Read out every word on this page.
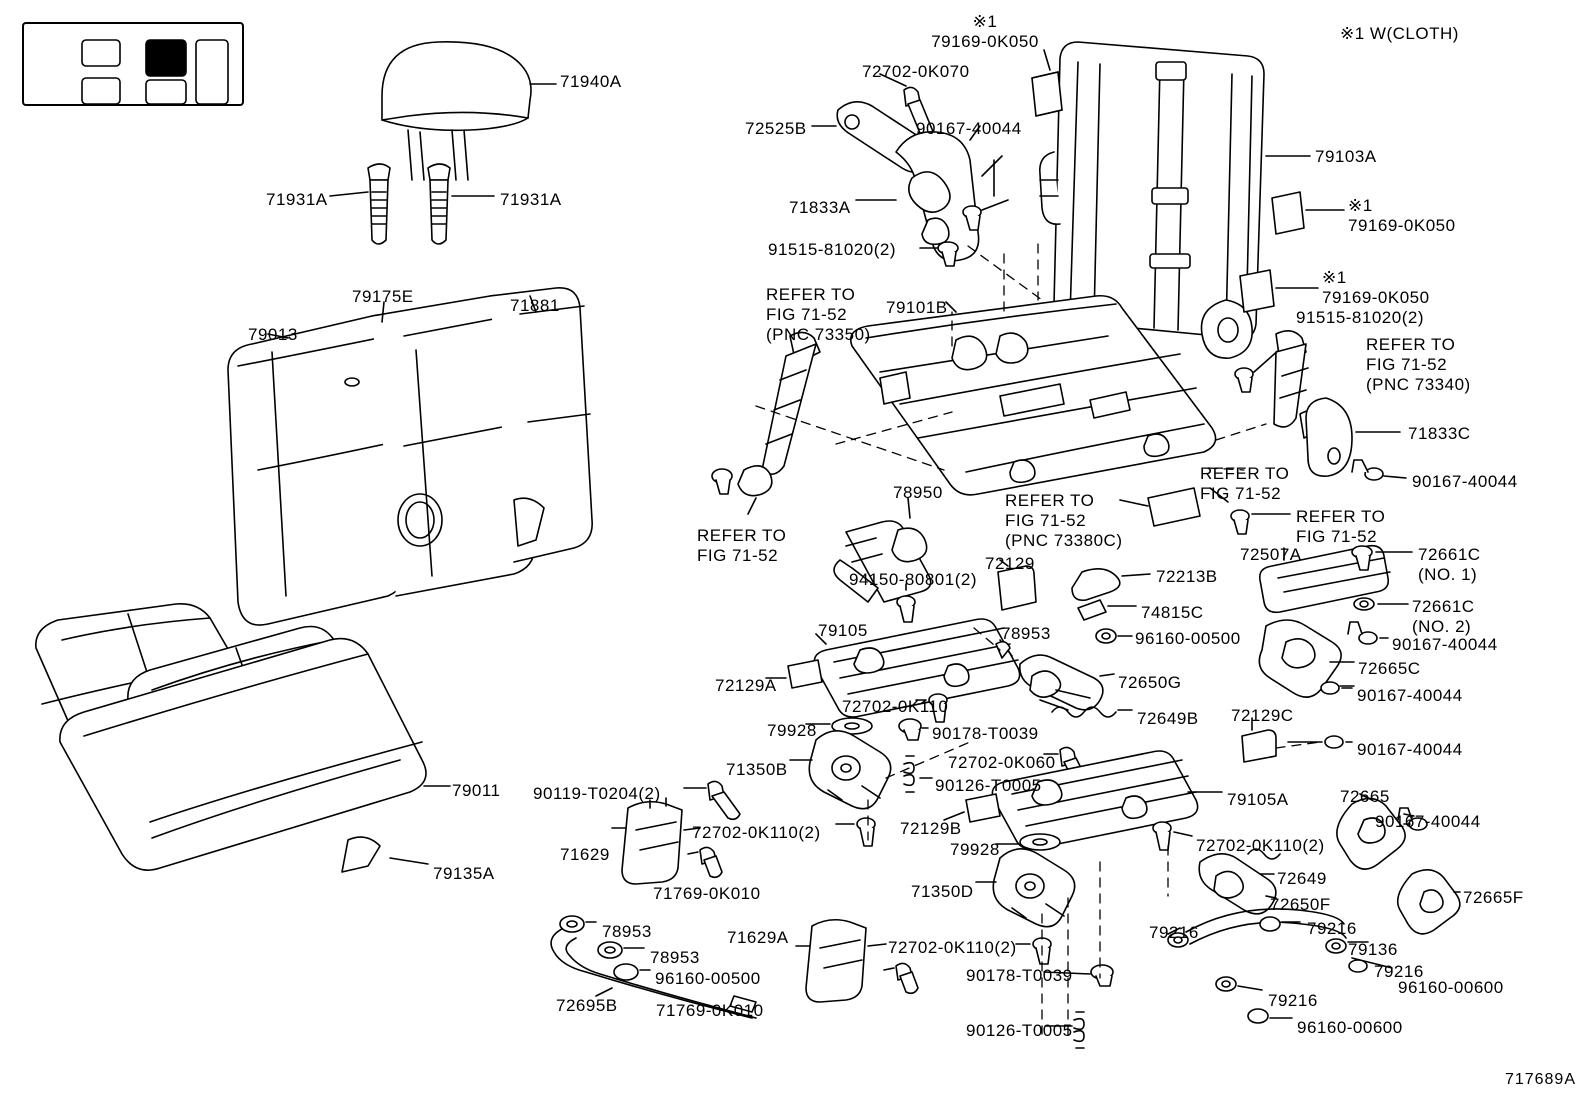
717689A
※1
79169-0K050
72702-0K070
71940A
72525B	90167-40044
79103A
71833A
71931A	71931A	※1
79169-0K050
91515-81020(2)
※1
79169-0K050
91515-81020(2)
REFER TO
FIG 71-52
(PNC 73350)
79101B
79175E	71881
79013
REFER TO
FIG 71-52
(PNC 73340)
71833C
REFER TO
FIG 71-52
90167-40044
78950	REFER TO
FIG 71-52
(PNC 73380C)
REFER TO
FIG 71-52
REFER TO
FIG 71-52	72507A	72661C
(NO. 1)
72129
72213B
94150-80801(2)
72661C
(NO. 2)
74815C
79105	78953	96160-00500	90167-40044
72665C
72650G
72129A
90167-40044
72702-0K110
72649B 72129C
79928	90178-T0039
90167-40044
71350B	72702-0K060
90126-T0005
90119-T0204(2)
79011	79105A	72665
90167-40044
72702-0K110(2)	72129B
71629	79928	72702-0K110(2)
79135A
71769-0K010
72649
72650F	72665F
71350D
78953	71629A	79216	79216
78953
72702-0K110(2)	79136
96160-00500	90178-T0039	79216
96160-00600
72695B 71769-0K010
79216
90126-T0005	96160-00600
※1 W(CLOTH)
